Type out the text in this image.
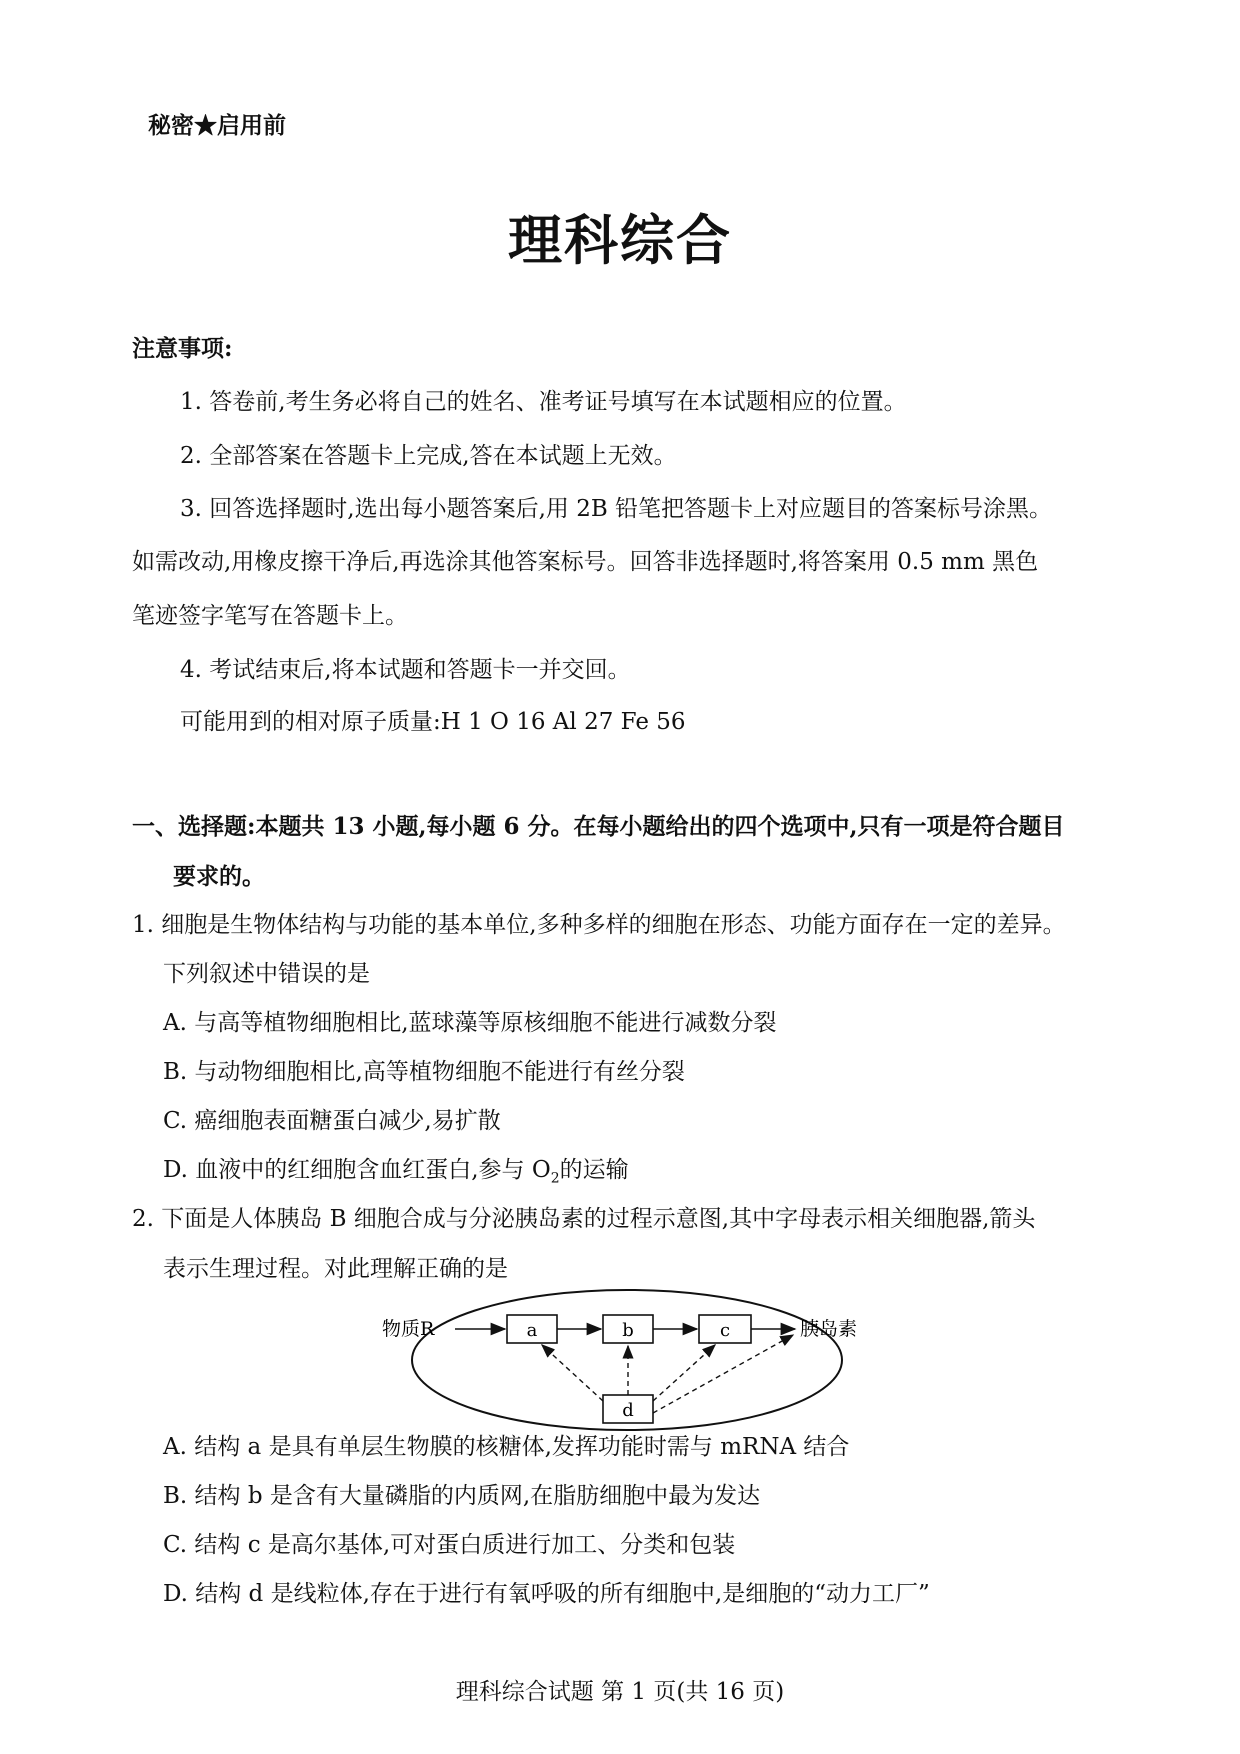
秘密★启用前
理科综合
注意事项:
1. 答卷前,考生务必将自己的姓名、准考证号填写在本试题相应的位置。
2. 全部答案在答题卡上完成,答在本试题上无效。
3. 回答选择题时,选出每小题答案后,用 2B 铅笔把答题卡上对应题目的答案标号涂黑。
如需改动,用橡皮擦干净后,再选涂其他答案标号。回答非选择题时,将答案用 0.5 mm 黑色
笔迹签字笔写在答题卡上。
4. 考试结束后,将本试题和答题卡一并交回。
可能用到的相对原子质量:H 1 O 16 Al 27 Fe 56
一、选择题:本题共 13 小题,每小题 6 分。在每小题给出的四个选项中,只有一项是符合题目
要求的。
1. 细胞是生物体结构与功能的基本单位,多种多样的细胞在形态、功能方面存在一定的差异。
下列叙述中错误的是
A. 与高等植物细胞相比,蓝球藻等原核细胞不能进行减数分裂
B. 与动物细胞相比,高等植物细胞不能进行有丝分裂
C. 癌细胞表面糖蛋白减少,易扩散
D. 血液中的红细胞含血红蛋白,参与 $O_2$的运输
2. 下面是人体胰岛 B 细胞合成与分泌胰岛素的过程示意图,其中字母表示相关细胞器,箭头
表示生理过程。对此理解正确的是
物质R	a	b	c	胰岛素
d
A. 结构 a 是具有单层生物膜的核糖体,发挥功能时需与 mRNA 结合
B. 结构 b 是含有大量磷脂的内质网,在脂肪细胞中最为发达
C. 结构 c 是高尔基体,可对蛋白质进行加工、分类和包装
D. 结构 d 是线粒体,存在于进行有氧呼吸的所有细胞中,是细胞的“动力工厂”
理科综合试题 第 1 页(共 16 页)
